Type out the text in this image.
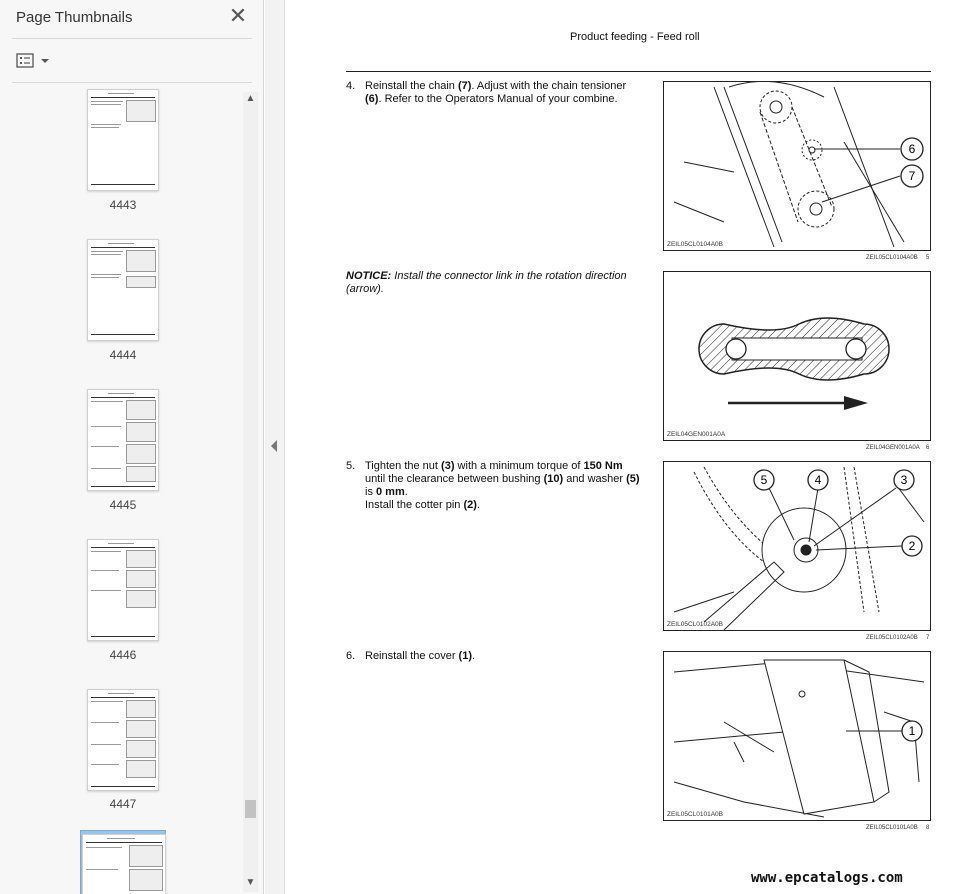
Page Thumbnails	✕
4443
4444
4445
4446
4447
▲
▼
Product feeding - Feed roll
4. Reinstall the chain (7). Adjust with the chain tensioner (6). Refer to the Operators Manual of your combine.
NOTICE: Install the connector link in the rotation direction (arrow).
5. Tighten the nut (3) with a minimum torque of 150 Nm until the clearance between bushing (10) and washer (5) is 0 mm.
Install the cotter pin (2).
6. Reinstall the cover (1).
6
7
ZEIL05CL0104A0B
ZEIL05CL0104A0B 5
ZEIL04GEN001A0A
ZEIL04GEN001A0A 6
5	4	3
2
ZEIL05CL0102A0B
ZEIL05CL0102A0B 7
1
ZEIL05CL0101A0B
ZEIL05CL0101A0B 8
www.epcatalogs.com
